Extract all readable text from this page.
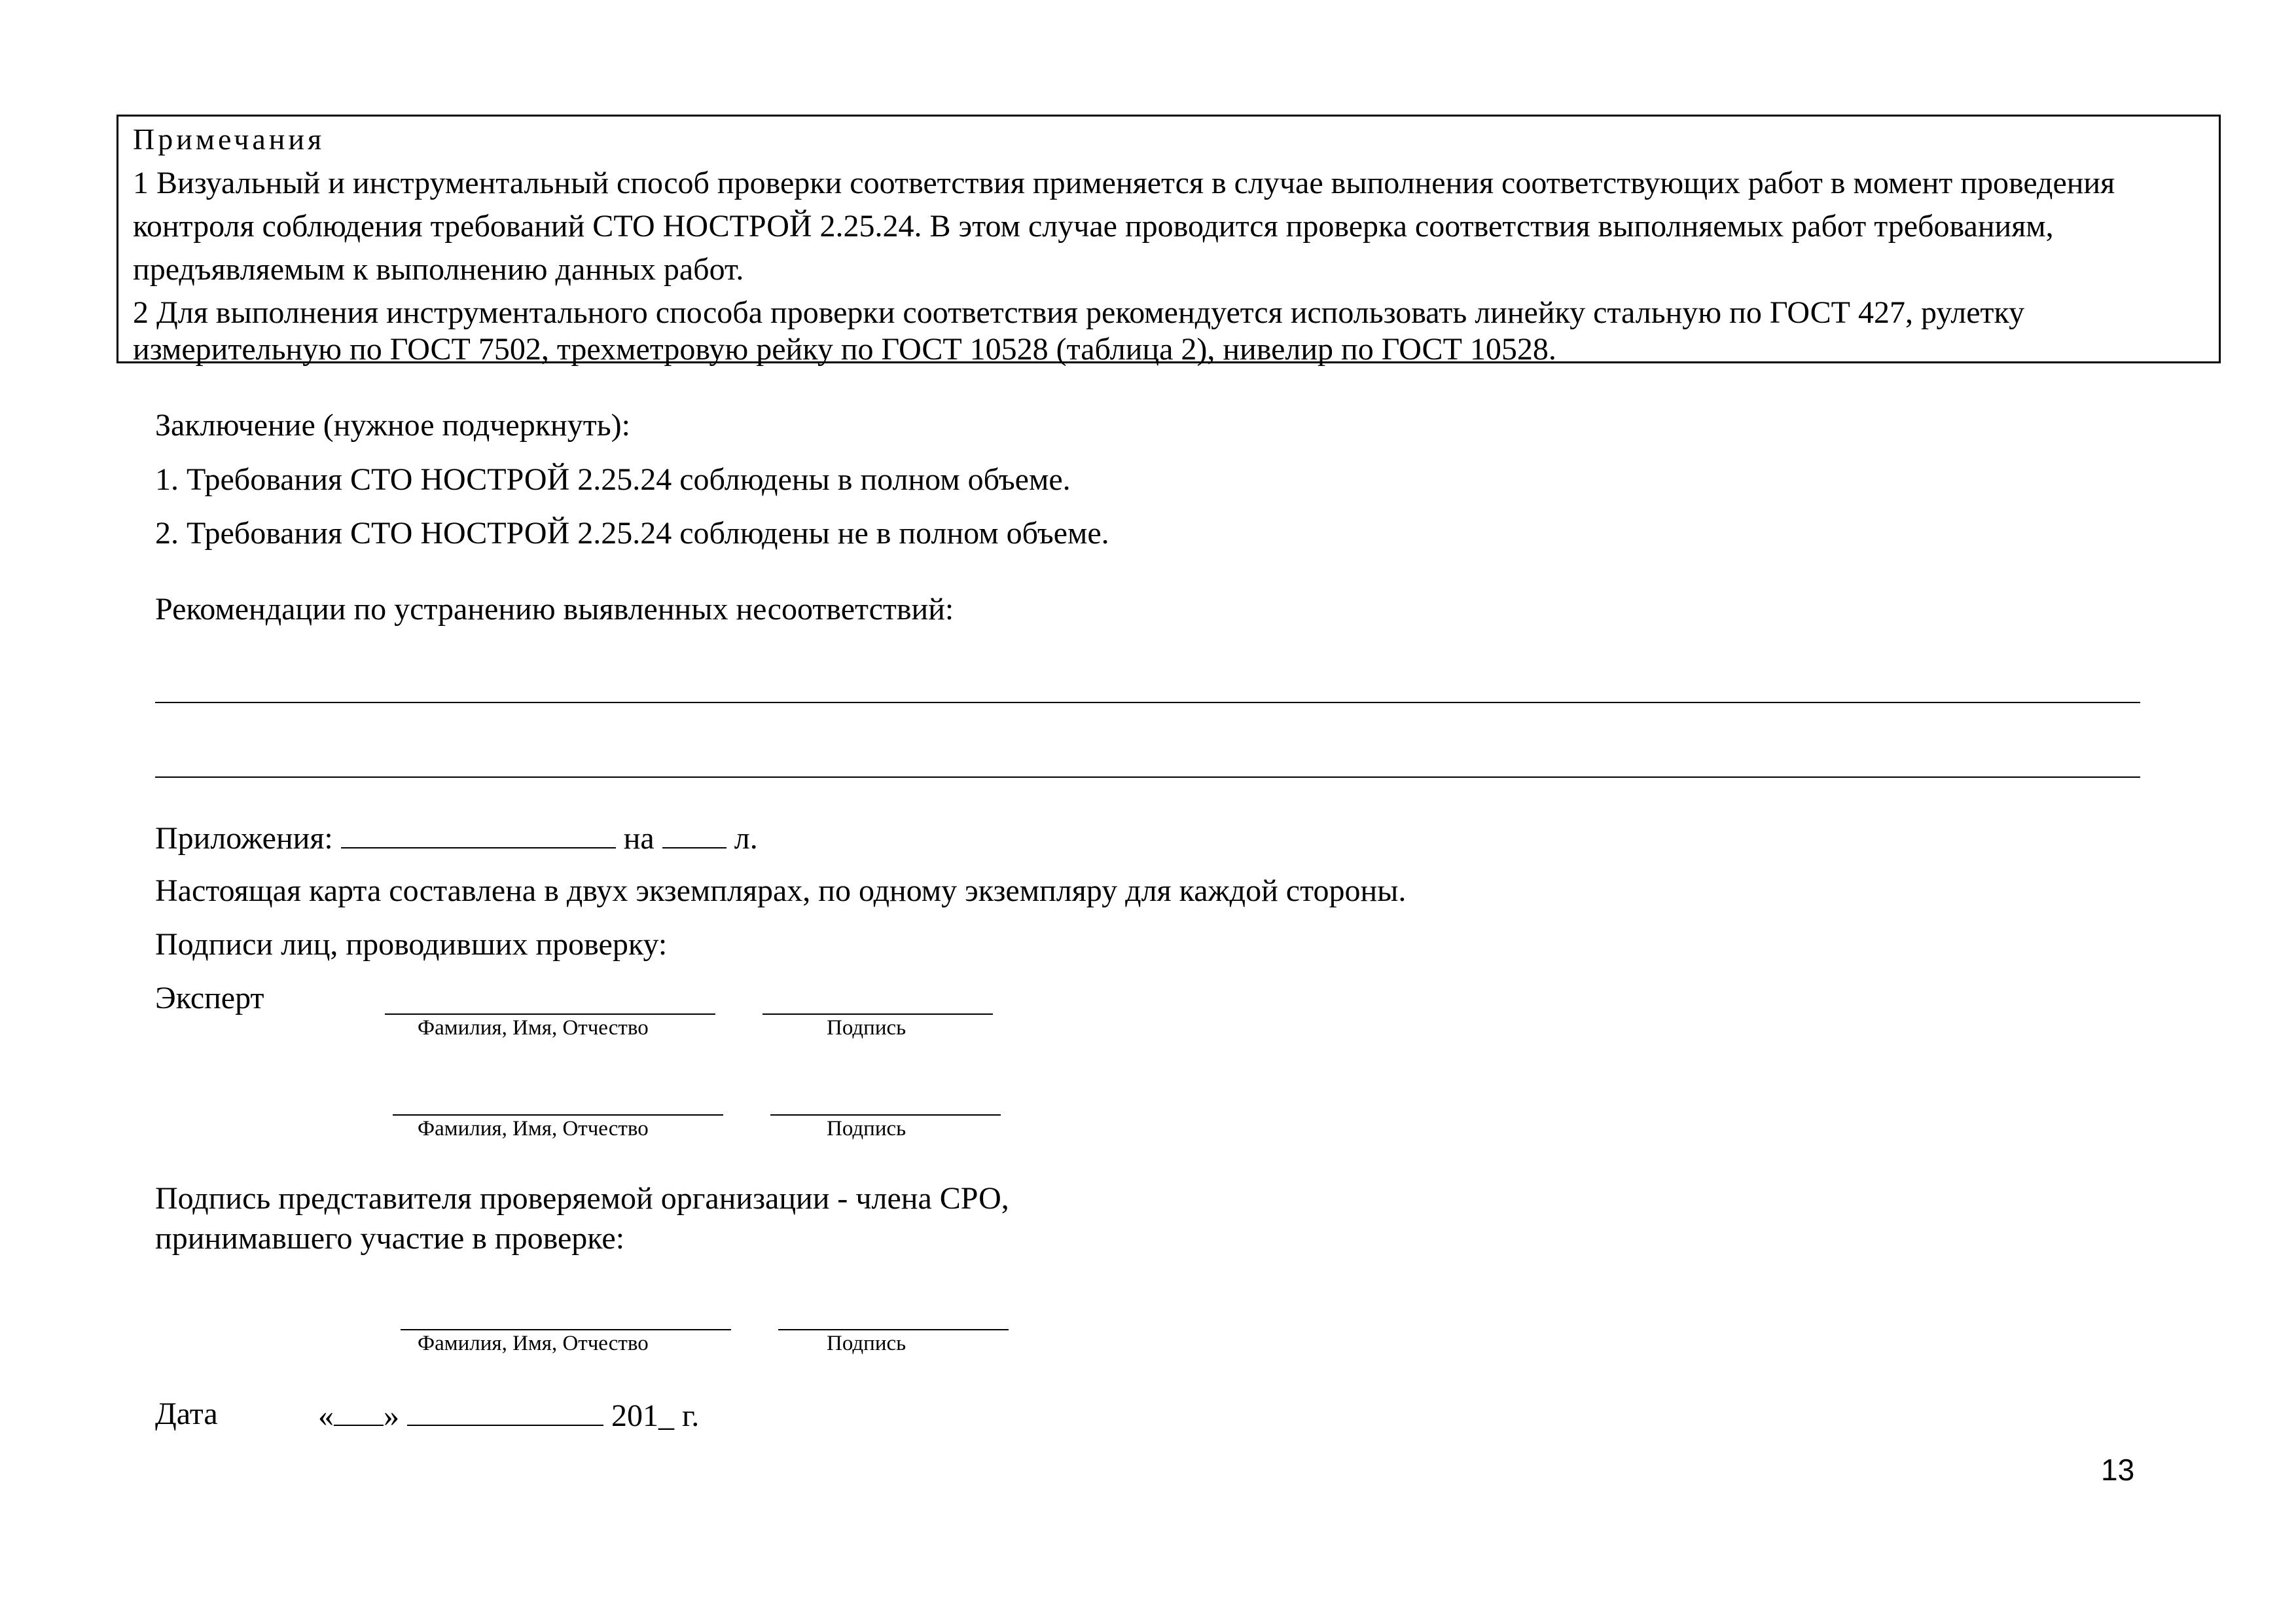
Примечания
1 Визуальный и инструментальный способ проверки соответствия применяется в случае выполнения соответствующих работ в момент проведения
контроля соблюдения требований СТО НОСТРОЙ 2.25.24. В этом случае проводится проверка соответствия выполняемых работ требованиям,
предъявляемым к выполнению данных работ.
2 Для выполнения инструментального способа проверки соответствия рекомендуется использовать линейку стальную по ГОСТ 427, рулетку
измерительную по ГОСТ 7502, трехметровую рейку по ГОСТ 10528 (таблица 2), нивелир по ГОСТ 10528.
Заключение (нужное подчеркнуть):
1. Требования СТО НОСТРОЙ 2.25.24 соблюдены в полном объеме.
2. Требования СТО НОСТРОЙ 2.25.24 соблюдены не в полном объеме.
Рекомендации по устранению выявленных несоответствий:
Приложения:	на	л.
Настоящая карта составлена в двух экземплярах, по одному экземпляру для каждой стороны.
Подписи лиц, проводивших проверку:
Эксперт
Фамилия, Имя, Отчество	Подпись
Фамилия, Имя, Отчество	Подпись
Подпись представителя проверяемой организации - члена СРО,
принимавшего участие в проверке:
Фамилия, Имя, Отчество	Подпись
Дата	« »	201_ г.
13
